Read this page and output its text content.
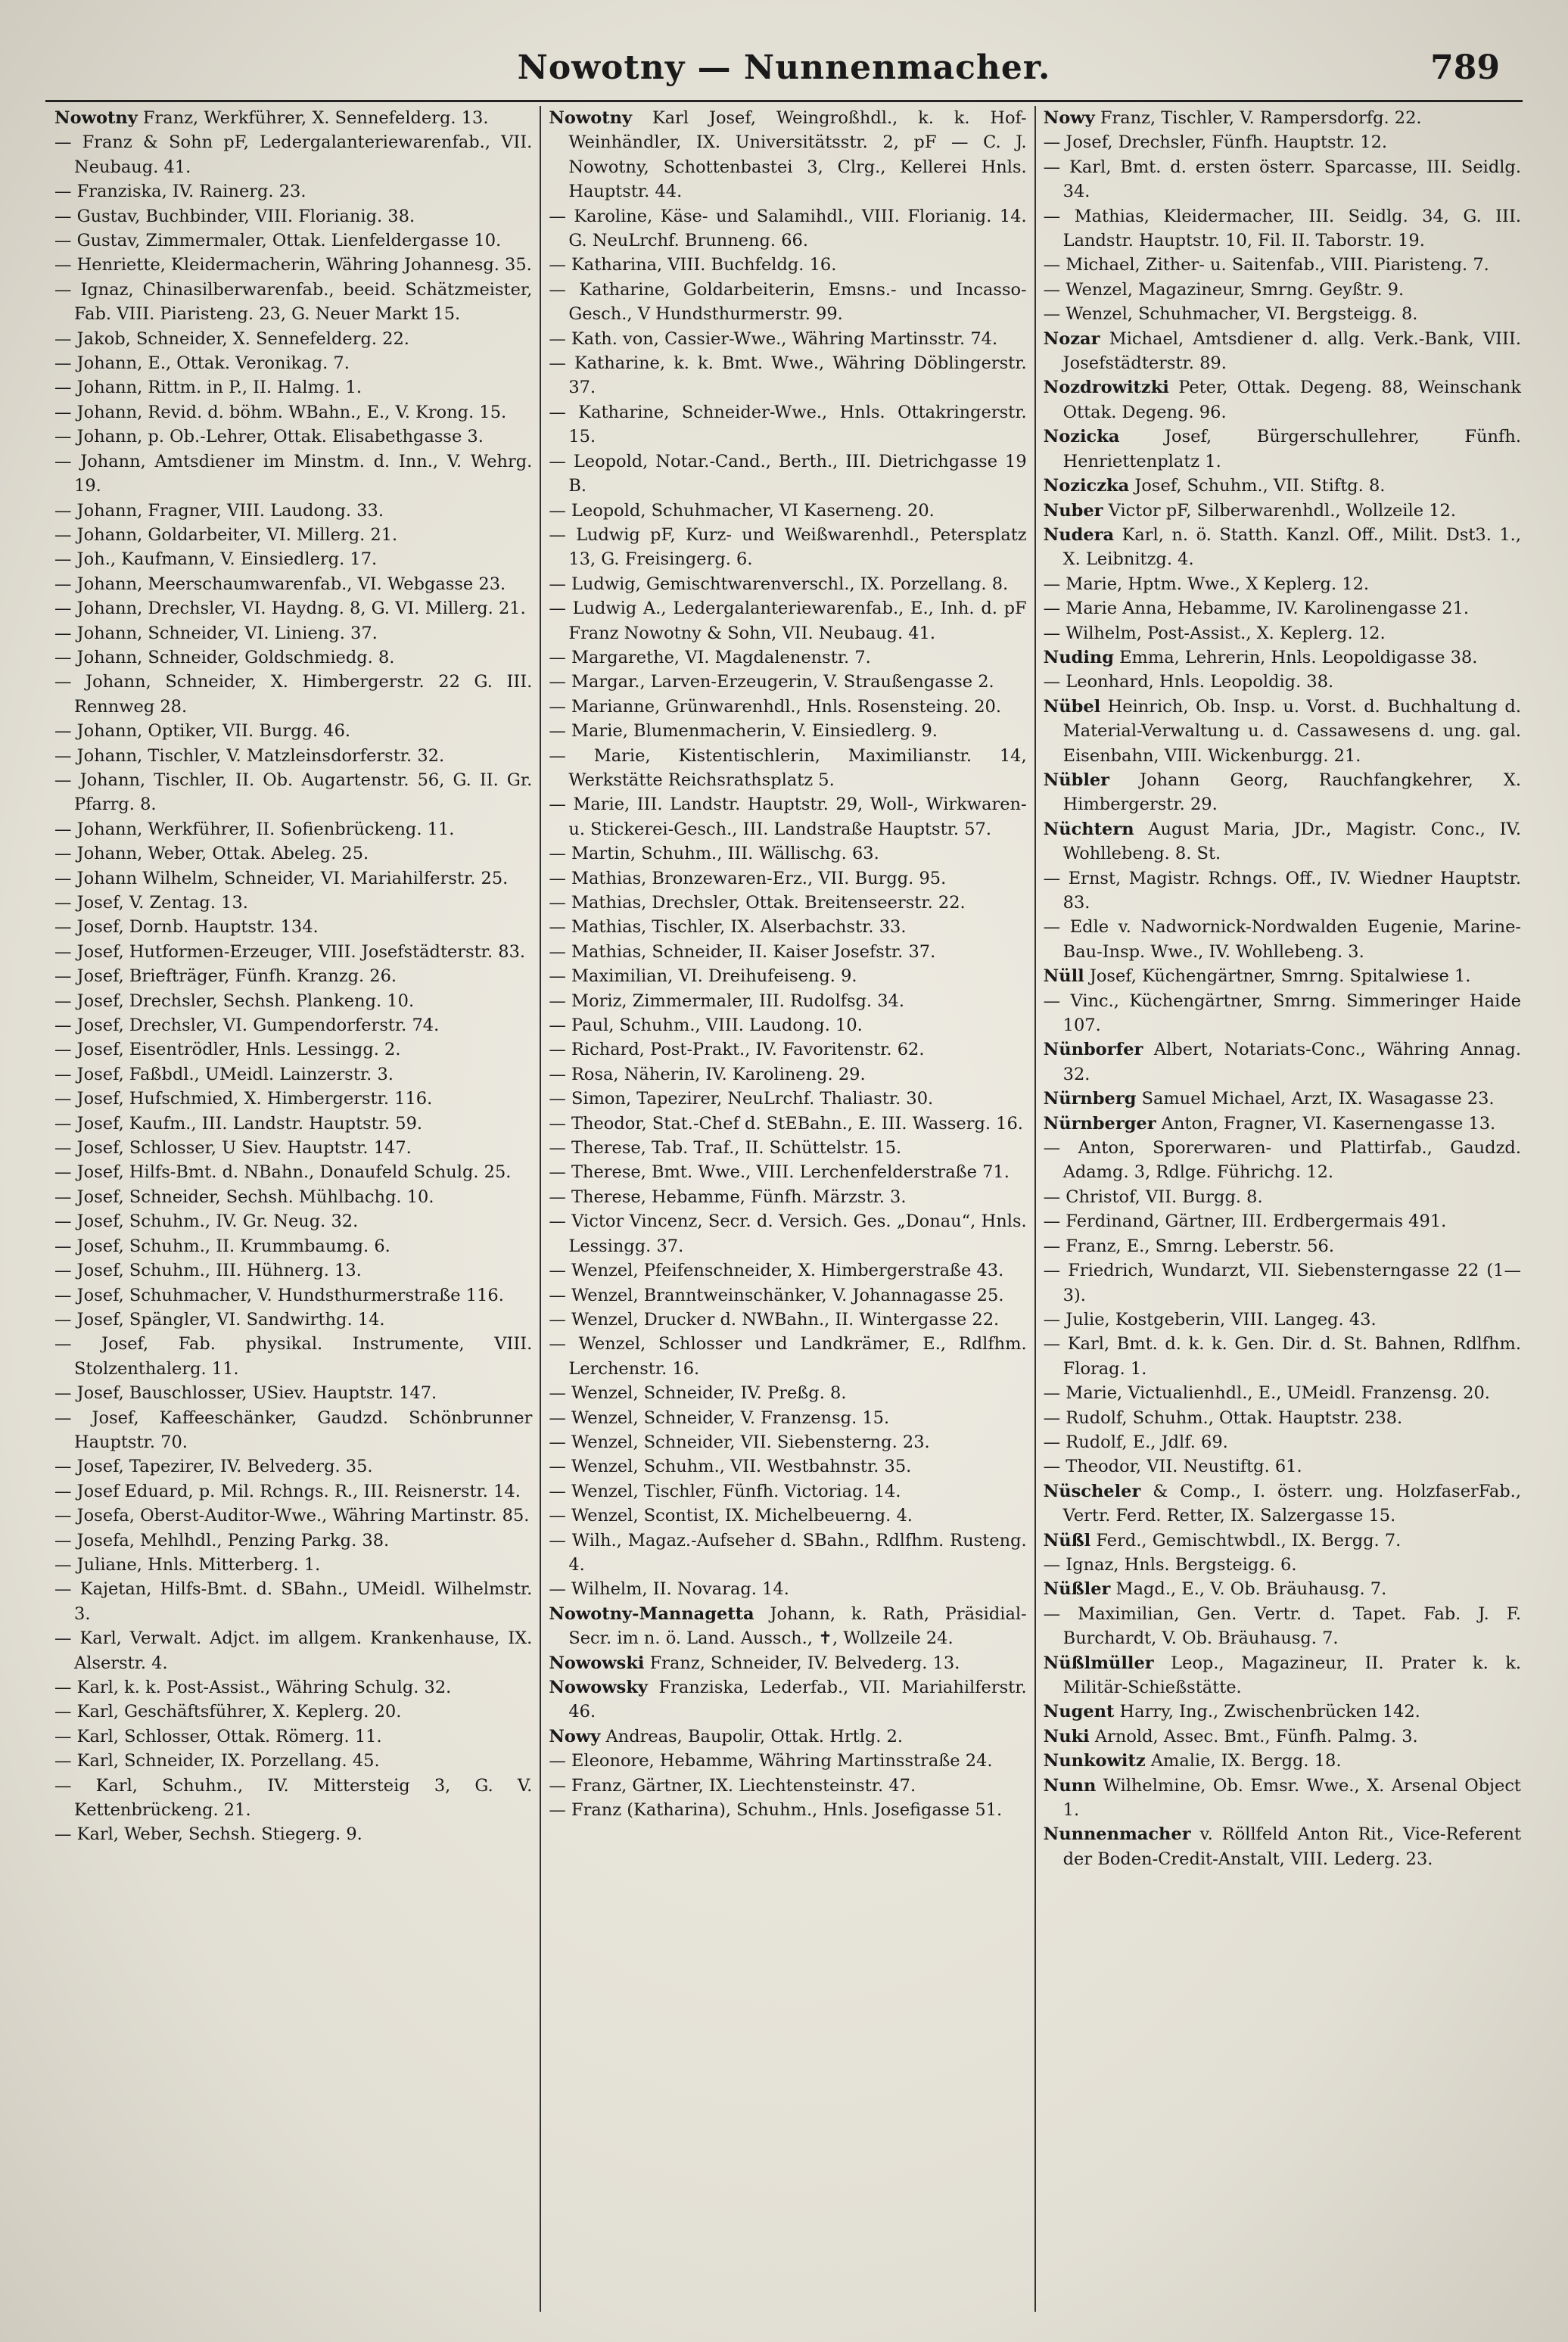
Nowotny — Nunnenmacher.	789
Nowotny Franz, Werkführer, X. Sennefelderg. 13.
— Franz & Sohn pF, Ledergalanteriewarenfab., VII. Neubaug. 41.
— Franziska, IV. Rainerg. 23.
— Gustav, Buchbinder, VIII. Florianig. 38.
— Gustav, Zimmermaler, Ottak. Lienfeldergasse 10.
— Henriette, Kleidermacherin, Währing Johannesg. 35.
— Ignaz, Chinasilberwarenfab., beeid. Schätzmeister, Fab. VIII. Piaristeng. 23, G. Neuer Markt 15.
— Jakob, Schneider, X. Sennefelderg. 22.
— Johann, E., Ottak. Veronikag. 7.
— Johann, Rittm. in P., II. Halmg. 1.
— Johann, Revid. d. böhm. WBahn., E., V. Krong. 15.
— Johann, p. Ob.-Lehrer, Ottak. Elisabethgasse 3.
— Johann, Amtsdiener im Minstm. d. Inn., V. Wehrg. 19.
— Johann, Fragner, VIII. Laudong. 33.
— Johann, Goldarbeiter, VI. Millerg. 21.
— Joh., Kaufmann, V. Einsiedlerg. 17.
— Johann, Meerschaumwarenfab., VI. Webgasse 23.
— Johann, Drechsler, VI. Haydng. 8, G. VI. Millerg. 21.
— Johann, Schneider, VI. Linieng. 37.
— Johann, Schneider, Goldschmiedg. 8.
— Johann, Schneider, X. Himbergerstr. 22 G. III. Rennweg 28.
— Johann, Optiker, VII. Burgg. 46.
— Johann, Tischler, V. Matzleinsdorferstr. 32.
— Johann, Tischler, II. Ob. Augartenstr. 56, G. II. Gr. Pfarrg. 8.
— Johann, Werkführer, II. Sofienbrückeng. 11.
— Johann, Weber, Ottak. Abeleg. 25.
— Johann Wilhelm, Schneider, VI. Mariahilferstr. 25.
— Josef, V. Zentag. 13.
— Josef, Dornb. Hauptstr. 134.
— Josef, Hutformen-Erzeuger, VIII. Josefstädterstr. 83.
— Josef, Briefträger, Fünfh. Kranzg. 26.
— Josef, Drechsler, Sechsh. Plankeng. 10.
— Josef, Drechsler, VI. Gumpendorferstr. 74.
— Josef, Eisentrödler, Hnls. Lessingg. 2.
— Josef, Faßbdl., UMeidl. Lainzerstr. 3.
— Josef, Hufschmied, X. Himbergerstr. 116.
— Josef, Kaufm., III. Landstr. Hauptstr. 59.
— Josef, Schlosser, U Siev. Hauptstr. 147.
— Josef, Hilfs-Bmt. d. NBahn., Donaufeld Schulg. 25.
— Josef, Schneider, Sechsh. Mühlbachg. 10.
— Josef, Schuhm., IV. Gr. Neug. 32.
— Josef, Schuhm., II. Krummbaumg. 6.
— Josef, Schuhm., III. Hühnerg. 13.
— Josef, Schuhmacher, V. Hundsthurmerstraße 116.
— Josef, Spängler, VI. Sandwirthg. 14.
— Josef, Fab. physikal. Instrumente, VIII. Stolzenthalerg. 11.
— Josef, Bauschlosser, USiev. Hauptstr. 147.
— Josef, Kaffeeschänker, Gaudzd. Schönbrunner Hauptstr. 70.
— Josef, Tapezirer, IV. Belvederg. 35.
— Josef Eduard, p. Mil. Rchngs. R., III. Reisnerstr. 14.
— Josefa, Oberst-Auditor-Wwe., Währing Martinstr. 85.
— Josefa, Mehlhdl., Penzing Parkg. 38.
— Juliane, Hnls. Mitterberg. 1.
— Kajetan, Hilfs-Bmt. d. SBahn., UMeidl. Wilhelmstr. 3.
— Karl, Verwalt. Adjct. im allgem. Krankenhause, IX. Alserstr. 4.
— Karl, k. k. Post-Assist., Währing Schulg. 32.
— Karl, Geschäftsführer, X. Keplerg. 20.
— Karl, Schlosser, Ottak. Römerg. 11.
— Karl, Schneider, IX. Porzellang. 45.
— Karl, Schuhm., IV. Mittersteig 3, G. V. Kettenbrückeng. 21.
— Karl, Weber, Sechsh. Stiegerg. 9.
Nowotny Karl Josef, Weingroßhdl., k. k. Hof-Weinhändler, IX. Universitätsstr. 2, pF — C. J. Nowotny, Schottenbastei 3, Clrg., Kellerei Hnls. Hauptstr. 44.
— Karoline, Käse- und Salamihdl., VIII. Florianig. 14. G. NeuLrchf. Brunneng. 66.
— Katharina, VIII. Buchfeldg. 16.
— Katharine, Goldarbeiterin, Emsns.- und Incasso-Gesch., V Hundsthurmerstr. 99.
— Kath. von, Cassier-Wwe., Währing Martinsstr. 74.
— Katharine, k. k. Bmt. Wwe., Währing Döblingerstr. 37.
— Katharine, Schneider-Wwe., Hnls. Ottakringerstr. 15.
— Leopold, Notar.-Cand., Berth., III. Dietrichgasse 19 B.
— Leopold, Schuhmacher, VI Kaserneng. 20.
— Ludwig pF, Kurz- und Weißwarenhdl., Petersplatz 13, G. Freisingerg. 6.
— Ludwig, Gemischtwarenverschl., IX. Porzellang. 8.
— Ludwig A., Ledergalanteriewarenfab., E., Inh. d. pF Franz Nowotny & Sohn, VII. Neubaug. 41.
— Margarethe, VI. Magdalenenstr. 7.
— Margar., Larven-Erzeugerin, V. Straußengasse 2.
— Marianne, Grünwarenhdl., Hnls. Rosensteing. 20.
— Marie, Blumenmacherin, V. Einsiedlerg. 9.
— Marie, Kistentischlerin, Maximilianstr. 14, Werkstätte Reichsrathsplatz 5.
— Marie, III. Landstr. Hauptstr. 29, Woll-, Wirkwaren- u. Stickerei-Gesch., III. Landstraße Hauptstr. 57.
— Martin, Schuhm., III. Wällischg. 63.
— Mathias, Bronzewaren-Erz., VII. Burgg. 95.
— Mathias, Drechsler, Ottak. Breitenseerstr. 22.
— Mathias, Tischler, IX. Alserbachstr. 33.
— Mathias, Schneider, II. Kaiser Josefstr. 37.
— Maximilian, VI. Dreihufeiseng. 9.
— Moriz, Zimmermaler, III. Rudolfsg. 34.
— Paul, Schuhm., VIII. Laudong. 10.
— Richard, Post-Prakt., IV. Favoritenstr. 62.
— Rosa, Näherin, IV. Karolineng. 29.
— Simon, Tapezirer, NeuLrchf. Thaliastr. 30.
— Theodor, Stat.-Chef d. StEBahn., E. III. Wasserg. 16.
— Therese, Tab. Traf., II. Schüttelstr. 15.
— Therese, Bmt. Wwe., VIII. Lerchenfelderstraße 71.
— Therese, Hebamme, Fünfh. Märzstr. 3.
— Victor Vincenz, Secr. d. Versich. Ges. „Donau“, Hnls. Lessingg. 37.
— Wenzel, Pfeifenschneider, X. Himbergerstraße 43.
— Wenzel, Branntweinschänker, V. Johannagasse 25.
— Wenzel, Drucker d. NWBahn., II. Wintergasse 22.
— Wenzel, Schlosser und Landkrämer, E., Rdlfhm. Lerchenstr. 16.
— Wenzel, Schneider, IV. Preßg. 8.
— Wenzel, Schneider, V. Franzensg. 15.
— Wenzel, Schneider, VII. Siebensterng. 23.
— Wenzel, Schuhm., VII. Westbahnstr. 35.
— Wenzel, Tischler, Fünfh. Victoriag. 14.
— Wenzel, Scontist, IX. Michelbeuerng. 4.
— Wilh., Magaz.-Aufseher d. SBahn., Rdlfhm. Rusteng. 4.
— Wilhelm, II. Novarag. 14.
Nowotny-Mannagetta Johann, k. Rath, Präsidial-Secr. im n. ö. Land. Aussch., ✝, Wollzeile 24.
Nowowski Franz, Schneider, IV. Belvederg. 13.
Nowowsky Franziska, Lederfab., VII. Mariahilferstr. 46.
Nowy Andreas, Baupolir, Ottak. Hrtlg. 2.
— Eleonore, Hebamme, Währing Martinsstraße 24.
— Franz, Gärtner, IX. Liechtensteinstr. 47.
— Franz (Katharina), Schuhm., Hnls. Josefigasse 51.
Nowy Franz, Tischler, V. Rampersdorfg. 22.
— Josef, Drechsler, Fünfh. Hauptstr. 12.
— Karl, Bmt. d. ersten österr. Sparcasse, III. Seidlg. 34.
— Mathias, Kleidermacher, III. Seidlg. 34, G. III. Landstr. Hauptstr. 10, Fil. II. Taborstr. 19.
— Michael, Zither- u. Saitenfab., VIII. Piaristeng. 7.
— Wenzel, Magazineur, Smrng. Geyßtr. 9.
— Wenzel, Schuhmacher, VI. Bergsteigg. 8.
Nozar Michael, Amtsdiener d. allg. Verk.-Bank, VIII. Josefstädterstr. 89.
Nozdrowitzki Peter, Ottak. Degeng. 88, Weinschank Ottak. Degeng. 96.
Nozicka Josef, Bürgerschullehrer, Fünfh. Henriettenplatz 1.
Noziczka Josef, Schuhm., VII. Stiftg. 8.
Nuber Victor pF, Silberwarenhdl., Wollzeile 12.
Nudera Karl, n. ö. Statth. Kanzl. Off., Milit. Dst3. 1., X. Leibnitzg. 4.
— Marie, Hptm. Wwe., X Keplerg. 12.
— Marie Anna, Hebamme, IV. Karolinengasse 21.
— Wilhelm, Post-Assist., X. Keplerg. 12.
Nuding Emma, Lehrerin, Hnls. Leopoldigasse 38.
— Leonhard, Hnls. Leopoldig. 38.
Nübel Heinrich, Ob. Insp. u. Vorst. d. Buchhaltung d. Material-Verwaltung u. d. Cassawesens d. ung. gal. Eisenbahn, VIII. Wickenburgg. 21.
Nübler Johann Georg, Rauchfangkehrer, X. Himbergerstr. 29.
Nüchtern August Maria, JDr., Magistr. Conc., IV. Wohllebeng. 8. St.
— Ernst, Magistr. Rchngs. Off., IV. Wiedner Hauptstr. 83.
— Edle v. Nadwornick-Nordwalden Eugenie, Marine-Bau-Insp. Wwe., IV. Wohllebeng. 3.
Nüll Josef, Küchengärtner, Smrng. Spitalwiese 1.
— Vinc., Küchengärtner, Smrng. Simmeringer Haide 107.
Nünborfer Albert, Notariats-Conc., Währing Annag. 32.
Nürnberg Samuel Michael, Arzt, IX. Wasagasse 23.
Nürnberger Anton, Fragner, VI. Kasernengasse 13.
— Anton, Sporerwaren- und Plattirfab., Gaudzd. Adamg. 3, Rdlge. Führichg. 12.
— Christof, VII. Burgg. 8.
— Ferdinand, Gärtner, III. Erdbergermais 491.
— Franz, E., Smrng. Leberstr. 56.
— Friedrich, Wundarzt, VII. Siebensterngasse 22 (1—3).
— Julie, Kostgeberin, VIII. Langeg. 43.
— Karl, Bmt. d. k. k. Gen. Dir. d. St. Bahnen, Rdlfhm. Florag. 1.
— Marie, Victualienhdl., E., UMeidl. Franzensg. 20.
— Rudolf, Schuhm., Ottak. Hauptstr. 238.
— Rudolf, E., Jdlf. 69.
— Theodor, VII. Neustiftg. 61.
Nüscheler & Comp., I. österr. ung. HolzfaserFab., Vertr. Ferd. Retter, IX. Salzergasse 15.
Nüßl Ferd., Gemischtwbdl., IX. Bergg. 7.
— Ignaz, Hnls. Bergsteigg. 6.
Nüßler Magd., E., V. Ob. Bräuhausg. 7.
— Maximilian, Gen. Vertr. d. Tapet. Fab. J. F. Burchardt, V. Ob. Bräuhausg. 7.
Nüßlmüller Leop., Magazineur, II. Prater k. k. Militär-Schießstätte.
Nugent Harry, Ing., Zwischenbrücken 142.
Nuki Arnold, Assec. Bmt., Fünfh. Palmg. 3.
Nunkowitz Amalie, IX. Bergg. 18.
Nunn Wilhelmine, Ob. Emsr. Wwe., X. Arsenal Object 1.
Nunnenmacher v. Röllfeld Anton Rit., Vice-Referent der Boden-Credit-Anstalt, VIII. Lederg. 23.
